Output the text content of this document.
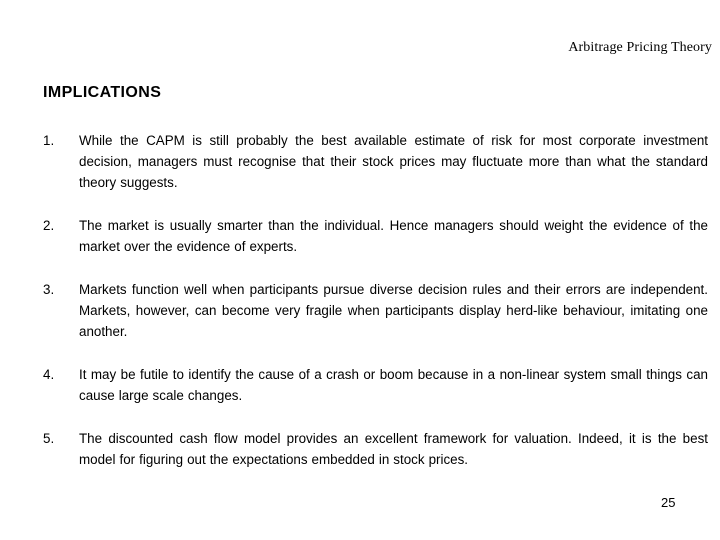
Arbitrage Pricing Theory
IMPLICATIONS
1. While the CAPM is still probably the best available estimate of risk for most corporate investment decision, managers must recognise that their stock prices may fluctuate more than what the standard theory suggests.
2. The market is usually smarter than the individual. Hence managers should weight the evidence of the market over the evidence of experts.
3. Markets function well when participants pursue diverse decision rules and their errors are independent. Markets, however, can become very fragile when participants display herd-like behaviour, imitating one another.
4. It may be futile to identify the cause of a crash or boom because in a non-linear system small things can cause large scale changes.
5. The discounted cash flow model provides an excellent framework for valuation. Indeed, it is the best model for figuring out the expectations embedded in stock prices.
25
